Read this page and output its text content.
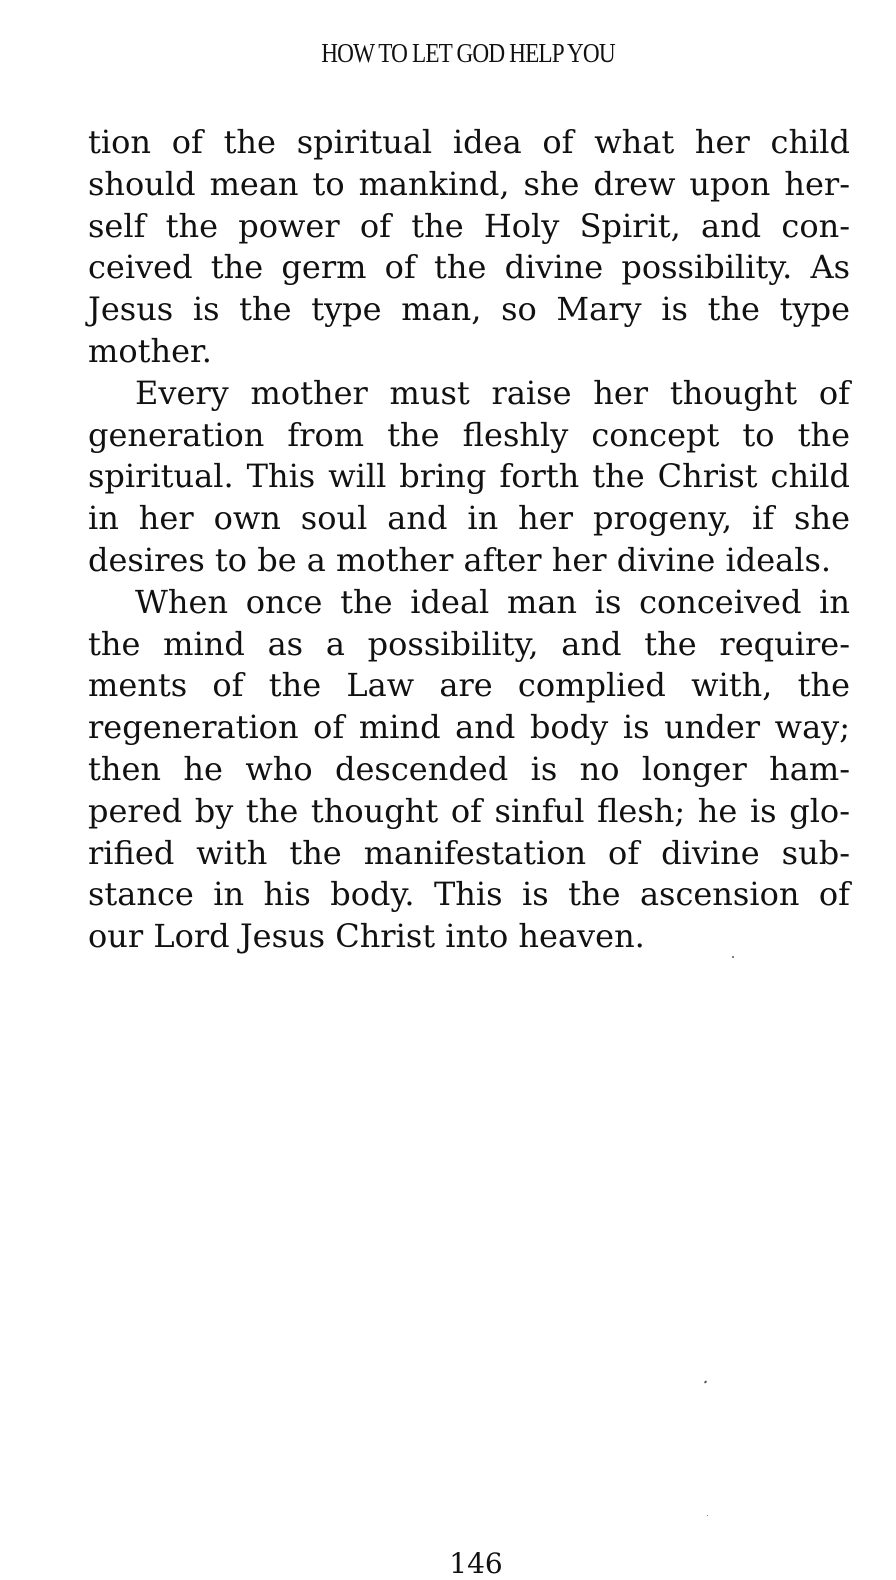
HOW TO LET GOD HELP YOU
tion of the spiritual idea of what her child
should mean to mankind, she drew upon her-
self the power of the Holy Spirit, and con-
ceived the germ of the divine possibility. As
Jesus is the type man, so Mary is the type
mother.
Every mother must raise her thought of
generation from the fleshly concept to the
spiritual. This will bring forth the Christ child
in her own soul and in her progeny, if she
desires to be a mother after her divine ideals.
When once the ideal man is conceived in
the mind as a possibility, and the require-
ments of the Law are complied with, the
regeneration of mind and body is under way;
then he who descended is no longer ham-
pered by the thought of sinful flesh; he is glo-
rified with the manifestation of divine sub-
stance in his body. This is the ascension of
our Lord Jesus Christ into heaven.
146
